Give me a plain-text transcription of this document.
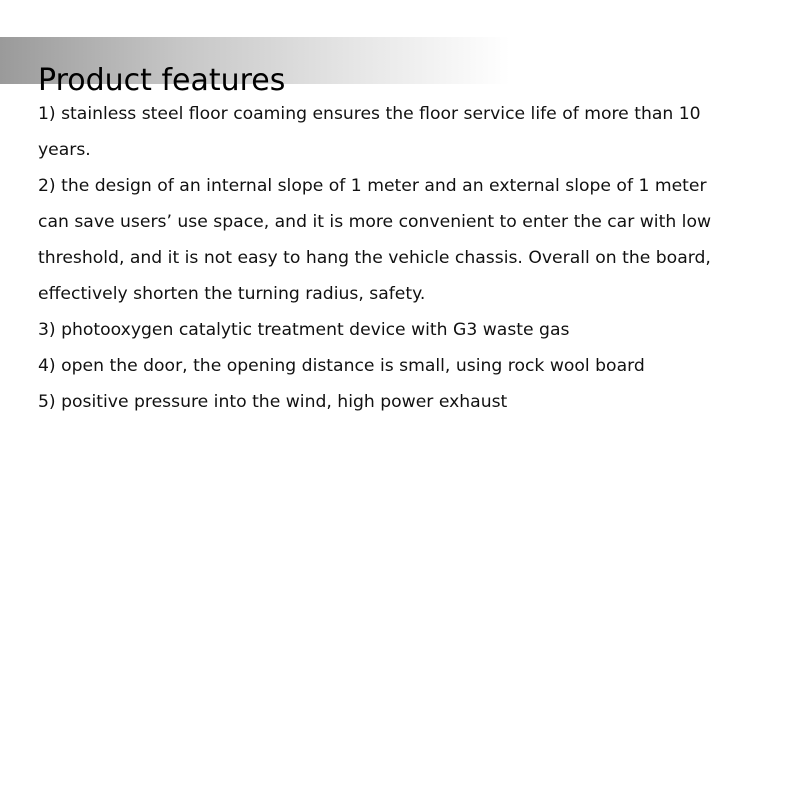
Product features
1) stainless steel floor coaming ensures the floor service life of more than 10
years.
2) the design of an internal slope of 1 meter and an external slope of 1 meter
can save users’ use space, and it is more convenient to enter the car with low
threshold, and it is not easy to hang the vehicle chassis. Overall on the board,
effectively shorten the turning radius, safety.
3) photooxygen catalytic treatment device with G3 waste gas
4) open the door, the opening distance is small, using rock wool board
5) positive pressure into the wind, high power exhaust
